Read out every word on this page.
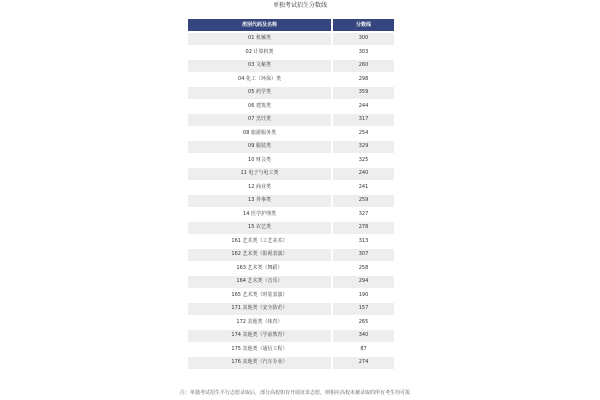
单独考试招生分数线
类别代码及名称	分数线
01 机械类	300
02 计算机类	303
03 文秘类	260
04 化工（环保）类	298
05 药学类	359
06 建筑类	244
07 烹饪类	317
08 旅游服务类	254
09 服装类	329
10 财会类	325
11 电子与电工类	240
12 商业类	241
13 外事类	259
14 医学护理类	327
15 农艺类	278
161 艺术类（工艺美术）	313
162 艺术类（影视表演）	307
163 艺术类（舞蹈）	258
164 艺术类（音乐）	294
165 艺术类（时装表演）	190
171 其他类（安全防范）	157
172 其他类（体育）	265
174 其他类（学前教育）	340
175 其他类（通信工程）	87
176 其他类（汽车专业）	274
注：单独考试招生平行志愿录取后，部分高校如有开展征求志愿，则相应高校未被录取的所有考生均可报
